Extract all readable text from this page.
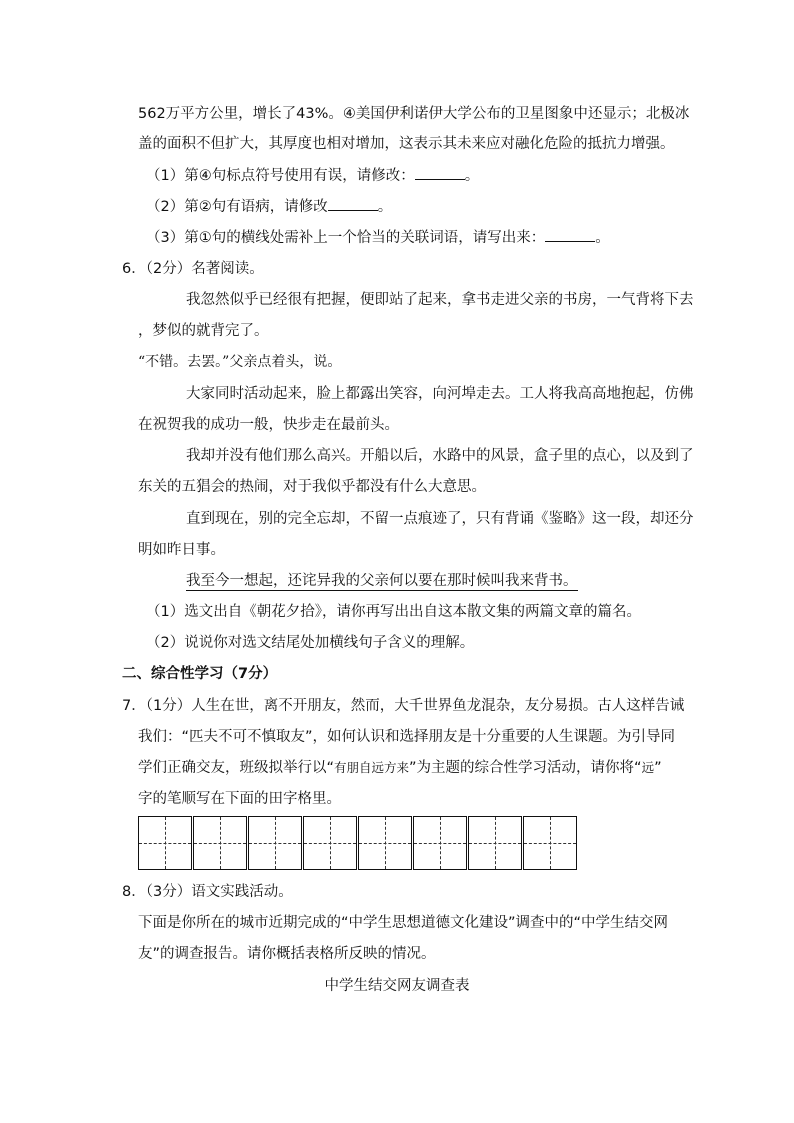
562万平方公里，增长了43%。④美国伊利诺伊大学公布的卫星图象中还显示；北极冰
盖的面积不但扩大，其厚度也相对增加，这表示其未来应对融化危险的抵抗力增强。
（1）第④句标点符号使用有误，请修改：	。
（2）第②句有语病，请修改	。
（3）第①句的横线处需补上一个恰当的关联词语，请写出来：	。
6．（2分）名著阅读。
我忽然似乎已经很有把握，便即站了起来，拿书走进父亲的书房，一气背将下去
，梦似的就背完了。
“不错。去罢。”父亲点着头，说。
大家同时活动起来，脸上都露出笑容，向河埠走去。工人将我高高地抱起，仿佛
在祝贺我的成功一般，快步走在最前头。
我却并没有他们那么高兴。开船以后，水路中的风景，盒子里的点心，以及到了
东关的五猖会的热闹，对于我似乎都没有什么大意思。
直到现在，别的完全忘却，不留一点痕迹了，只有背诵《鉴略》这一段，却还分
明如昨日事。
我至今一想起，还诧异我的父亲何以要在那时候叫我来背书。
（1）选文出自《朝花夕拾》，请你再写出出自这本散文集的两篇文章的篇名。
（2）说说你对选文结尾处加横线句子含义的理解。
二、综合性学习（7分）
7．（1分）人生在世，离不开朋友，然而，大千世界鱼龙混杂，友分易损。古人这样告诫
我们：“匹夫不可不慎取友”，如何认识和选择朋友是十分重要的人生课题。为引导同
学们正确交友，班级拟举行以“有朋自远方来”为主题的综合性学习活动，请你将“远”
字的笔顺写在下面的田字格里。
8．（3分）语文实践活动。
下面是你所在的城市近期完成的“中学生思想道德文化建设”调查中的“中学生结交网
友”的调查报告。请你概括表格所反映的情况。
中学生结交网友调查表
